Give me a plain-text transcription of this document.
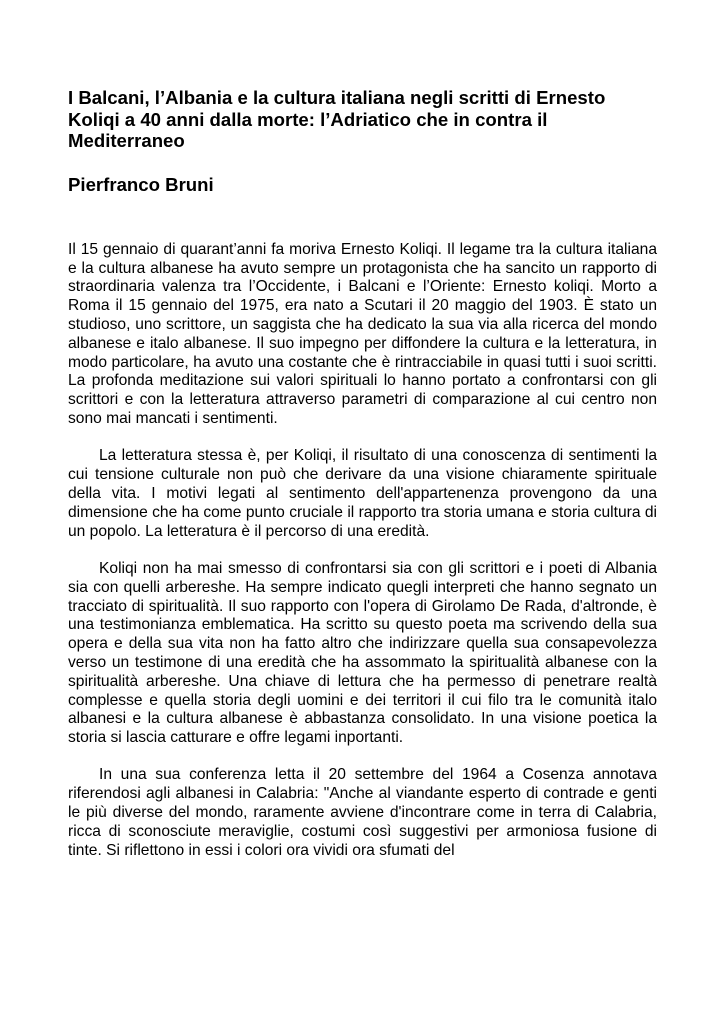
I Balcani, l’Albania e la cultura italiana negli scritti di Ernesto Koliqi a 40 anni dalla morte: l’Adriatico che in contra il Mediterraneo
Pierfranco Bruni

Il 15 gennaio di quarant’anni fa moriva Ernesto Koliqi. Il legame tra la cultura italiana e la cultura albanese ha avuto sempre un protagonista che ha sancito un rapporto di straordinaria valenza tra l’Occidente, i Balcani e l’Oriente: Ernesto koliqi. Morto a Roma il 15 gennaio del 1975, era nato a Scutari il 20 maggio del 1903. È stato un studioso, uno scrittore, un saggista che ha dedicato la sua via alla ricerca del mondo albanese e italo albanese. Il suo impegno per diffondere la cultura e la letteratura, in modo particolare, ha avuto una costante che è rintracciabile in quasi tutti i suoi scritti. La profonda meditazione sui valori spirituali lo hanno portato a confrontarsi con gli scrittori e con la letteratura attraverso parametri di comparazione al cui centro non sono mai mancati i sentimenti.

La letteratura stessa è, per Koliqi, il risultato di una conoscenza di sentimenti la cui tensione culturale non può che derivare da una visione chiaramente spirituale della vita. I motivi legati al sentimento dell'appartenenza provengono da una dimensione che ha come punto cruciale il rapporto tra storia umana e storia cultura di un popolo. La letteratura è il percorso di una eredità.

Koliqi non ha mai smesso di confrontarsi sia con gli scrittori e i poeti di Albania sia con quelli arbereshe. Ha sempre indicato quegli interpreti che hanno segnato un tracciato di spiritualità. Il suo rapporto con l'opera di Girolamo De Rada, d'altronde, è una testimonianza emblematica. Ha scritto su questo poeta ma scrivendo della sua opera e della sua vita non ha fatto altro che indirizzare quella sua consapevolezza verso un testimone di una eredità che ha assommato la spiritualità albanese con la spiritualità arbereshe. Una chiave di lettura che ha permesso di penetrare realtà complesse e quella storia degli uomini e dei territori il cui filo tra le comunità italo albanesi e la cultura albanese è abbastanza consolidato. In una visione poetica la storia si lascia catturare e offre legami inportanti.

In una sua conferenza letta il 20 settembre del 1964 a Cosenza annotava riferendosi agli albanesi in Calabria: "Anche al viandante esperto di contrade e genti le più diverse del mondo, raramente avviene d'incontrare come in terra di Calabria, ricca di sconosciute meraviglie, costumi così suggestivi per armoniosa fusione di tinte. Si riflettono in essi i colori ora vividi ora sfumati del
